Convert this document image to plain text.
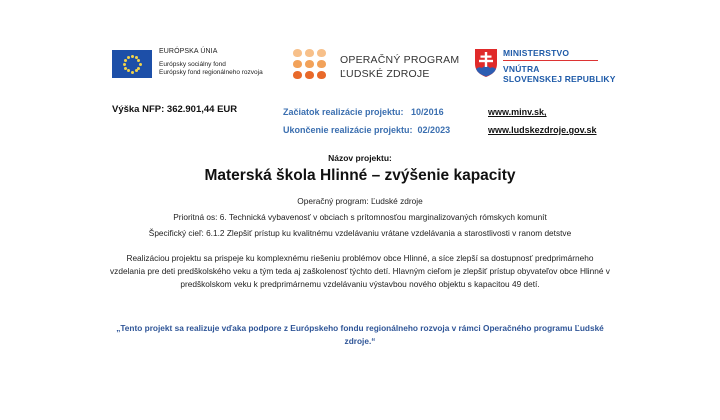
EURÓPSKA ÚNIA
Európsky sociálny fond
Európsky fond regionálneho rozvoja
OPERAČNÝ PROGRAM
ĽUDSKÉ ZDROJE
MINISTERSTVO
VNÚTRA
SLOVENSKEJ REPUBLIKY
Výška NFP: 362.901,44 EUR	Začiatok realizácie projektu:   10/2016
Ukončenie realizácie projektu:  02/2023
www.minv.sk,
www.ludskezdroje.gov.sk
Názov projektu:
Materská škola Hlinné – zvýšenie kapacity
Operačný program: Ľudské zdroje
Prioritná os: 6. Technická vybavenosť v obciach s prítomnosťou marginalizovaných rómskych komunít
Špecifický cieľ: 6.1.2 Zlepšiť prístup ku kvalitnému vzdelávaniu vrátane vzdelávania a starostlivosti v ranom detstve
Realizáciou projektu sa prispeje ku komplexnému riešeniu problémov obce Hlinné, a síce zlepší sa dostupnosť predprimárneho vzdelania pre deti predškolského veku a tým teda aj zaškolenosť týchto detí. Hlavným cieľom je zlepšiť prístup obyvateľov obce Hlinné v predškolskom veku k predprimárnemu vzdelávaniu výstavbou nového objektu s kapacitou 49 detí.
„Tento projekt sa realizuje vďaka podpore z Európskeho fondu regionálneho rozvoja v rámci Operačného programu Ľudské zdroje.“
